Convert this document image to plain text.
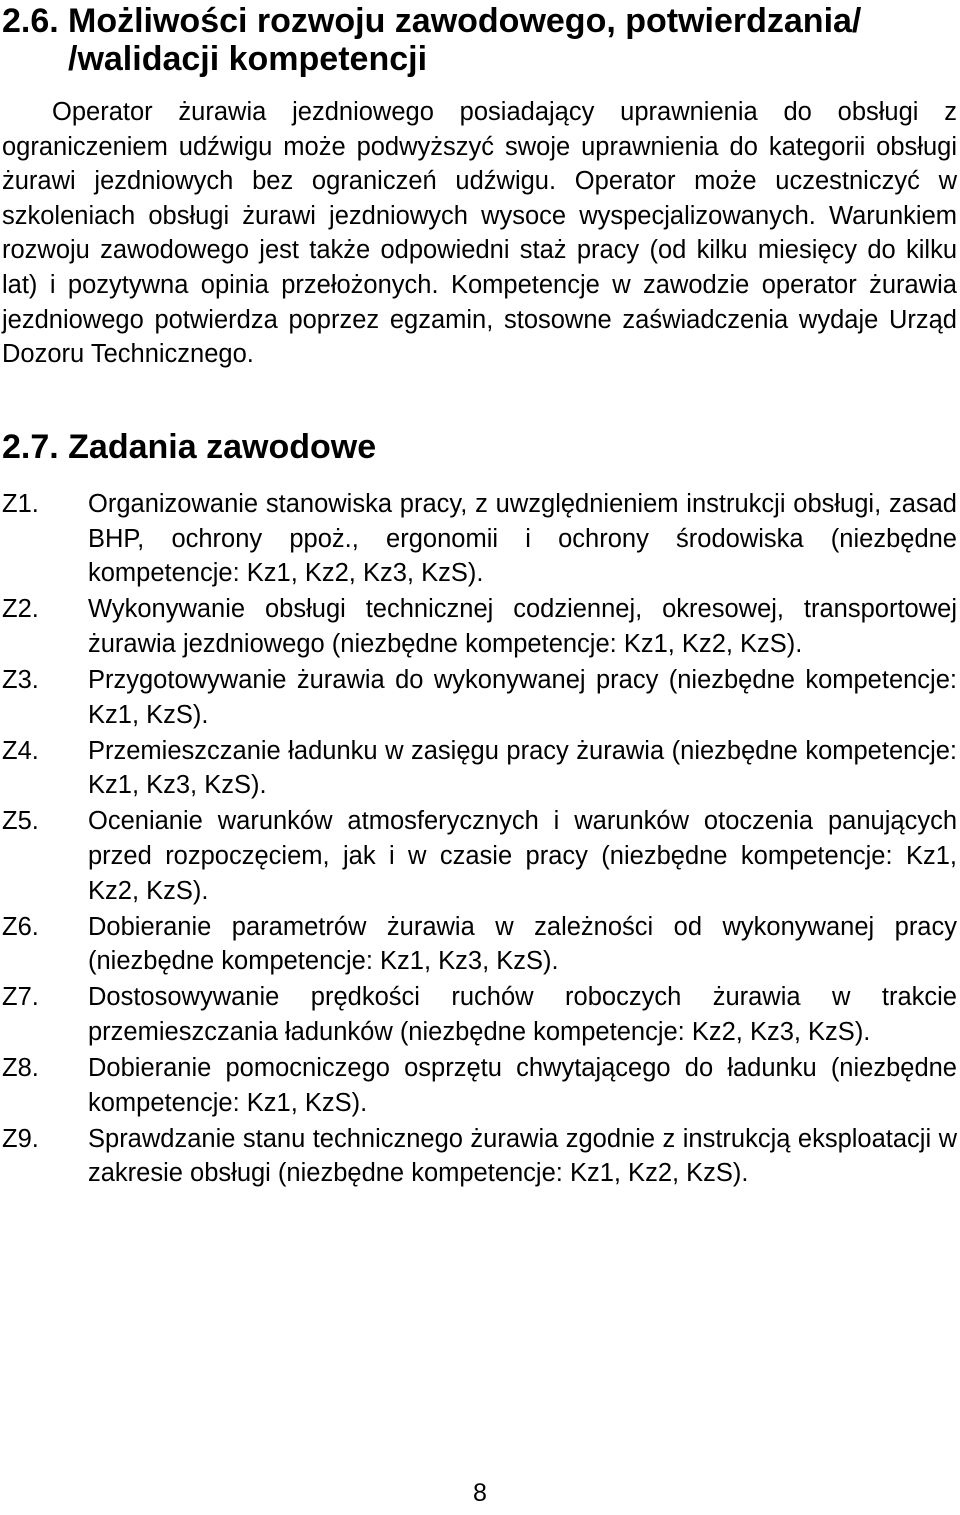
2.6. Możliwości rozwoju zawodowego, potwierdzania/
/walidacji kompetencji

Operator żurawia jezdniowego posiadający uprawnienia do obsługi z ograniczeniem udźwigu może podwyższyć swoje uprawnienia do kategorii obsługi żurawi jezdniowych bez ograniczeń udźwigu. Operator może uczestniczyć w szkoleniach obsługi żurawi jezdniowych wysoce wyspecjalizowanych. Warunkiem rozwoju zawodowego jest także odpowiedni staż pracy (od kilku miesięcy do kilku lat) i pozytywna opinia przełożonych. Kompetencje w zawodzie operator żurawia jezdniowego potwierdza poprzez egzamin, stosowne zaświadczenia wydaje Urząd Dozoru Technicznego.

2.7. Zadania zawodowe
Z1.	Organizowanie stanowiska pracy, z uwzględnieniem instrukcji obsługi, zasad BHP, ochrony ppoż., ergonomii i ochrony środowiska (niezbędne kompetencje: Kz1, Kz2, Kz3, KzS).
Z2.	Wykonywanie obsługi technicznej codziennej, okresowej, transportowej żurawia jezdniowego (niezbędne kompetencje: Kz1, Kz2, KzS).
Z3.	Przygotowywanie żurawia do wykonywanej pracy (niezbędne kompetencje: Kz1, KzS).
Z4.	Przemieszczanie ładunku w zasięgu pracy żurawia (niezbędne kompetencje: Kz1, Kz3, KzS).
Z5.	Ocenianie warunków atmosferycznych i warunków otoczenia panujących przed rozpoczęciem, jak i w czasie pracy (niezbędne kompetencje: Kz1, Kz2, KzS).
Z6.	Dobieranie parametrów żurawia w zależności od wykonywanej pracy (niezbędne kompetencje: Kz1, Kz3, KzS).
Z7.	Dostosowywanie prędkości ruchów roboczych żurawia w trakcie przemieszczania ładunków (niezbędne kompetencje: Kz2, Kz3, KzS).
Z8.	Dobieranie pomocniczego osprzętu chwytającego do ładunku (niezbędne kompetencje: Kz1, KzS).
Z9.	Sprawdzanie stanu technicznego żurawia zgodnie z instrukcją eksploatacji w zakresie obsługi (niezbędne kompetencje: Kz1, Kz2, KzS).
8
